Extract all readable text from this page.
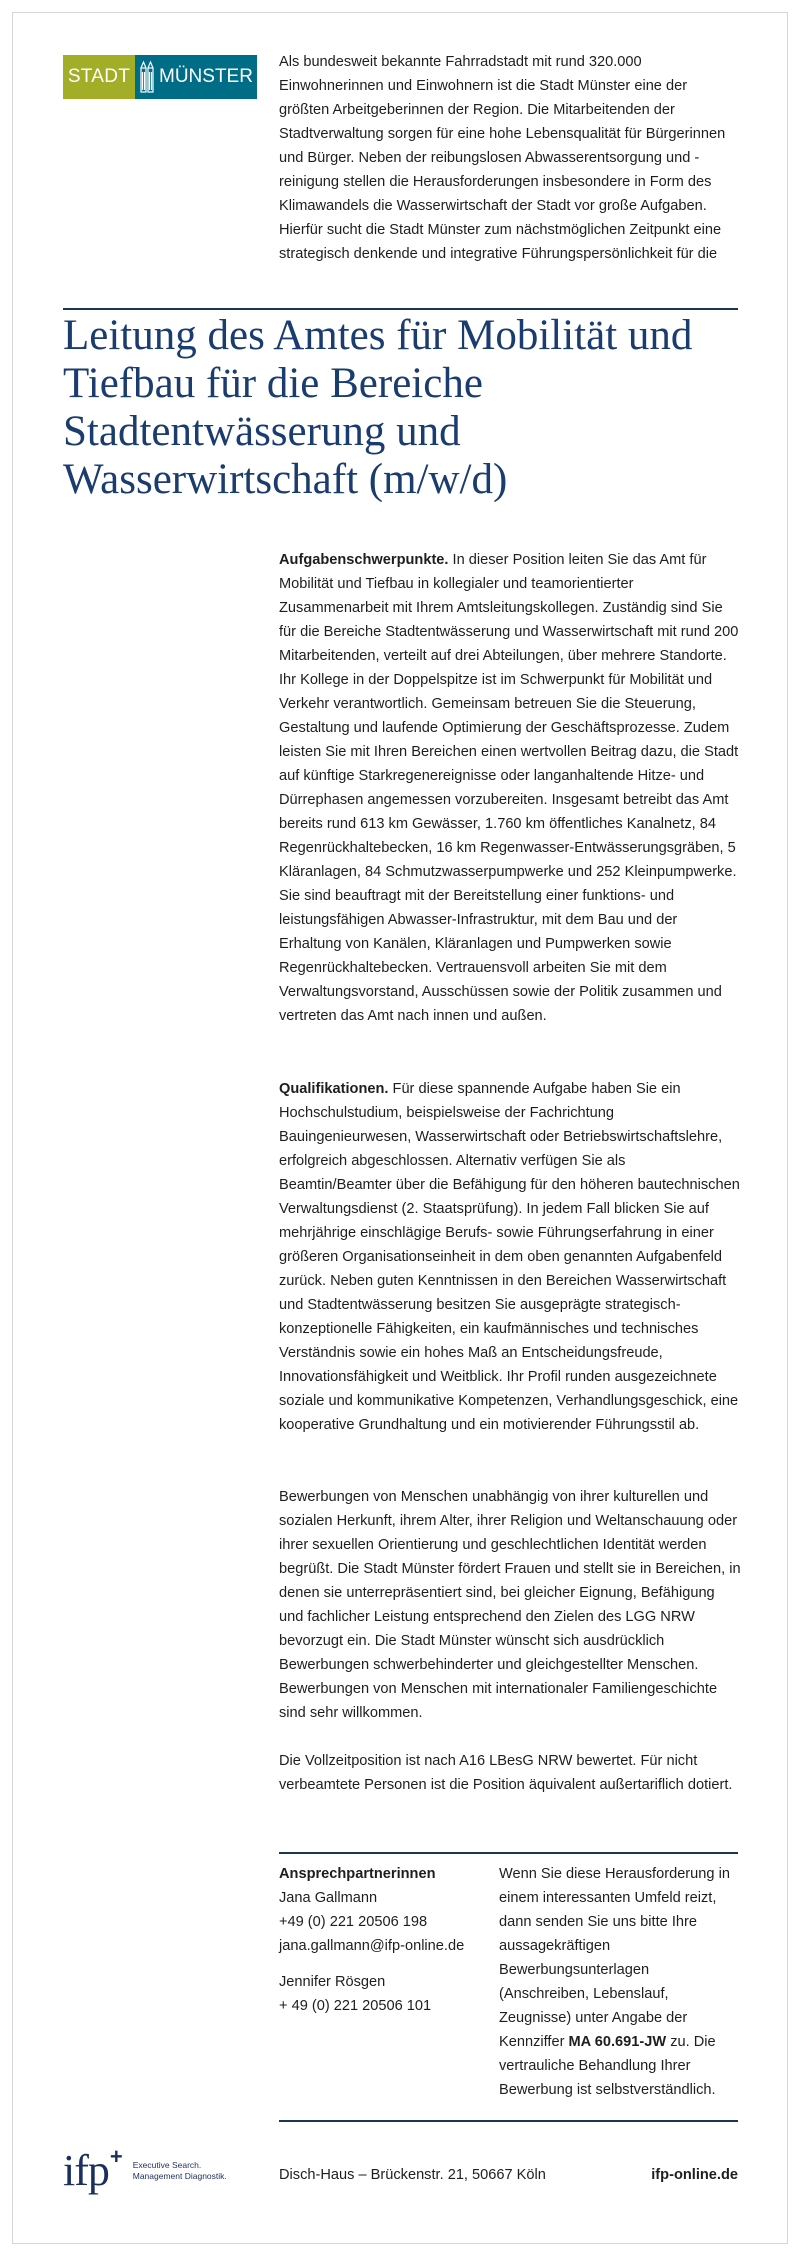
STADT MÜNSTER

Als bundesweit bekannte Fahrradstadt mit rund 320.000 Einwohnerinnen und Einwohnern ist die Stadt Münster eine der größten Arbeitgeberinnen der Region. Die Mitarbeitenden der Stadtverwaltung sorgen für eine hohe Lebensqualität für Bürgerinnen und Bürger. Neben der reibungslosen Abwasserentsorgung und -reinigung stellen die Herausforderungen insbesondere in Form des Klimawandels die Wasserwirtschaft der Stadt vor große Aufgaben. Hierfür sucht die Stadt Münster zum nächstmöglichen Zeitpunkt eine strategisch denkende und integrative Führungspersönlichkeit für die

Leitung des Amtes für Mobilität und Tiefbau für die Bereiche Stadtentwässerung und Wasserwirtschaft (m/w/d)

Aufgabenschwerpunkte. In dieser Position leiten Sie das Amt für Mobilität und Tiefbau in kollegialer und teamorientierter Zusammenarbeit mit Ihrem Amtsleitungskollegen. Zuständig sind Sie für die Bereiche Stadtentwässerung und Wasserwirtschaft mit rund 200 Mitarbeitenden, verteilt auf drei Abteilungen, über mehrere Standorte. Ihr Kollege in der Doppelspitze ist im Schwerpunkt für Mobilität und Verkehr verantwortlich. Gemeinsam betreuen Sie die Steuerung, Gestaltung und laufende Optimierung der Geschäftsprozesse. Zudem leisten Sie mit Ihren Bereichen einen wertvollen Beitrag dazu, die Stadt auf künftige Starkregenereignisse oder langanhaltende Hitze- und Dürrephasen angemessen vorzubereiten. Insgesamt betreibt das Amt bereits rund 613 km Gewässer, 1.760 km öffentliches Kanalnetz, 84 Regenrückhaltebecken, 16 km Regenwasser-Entwässerungsgräben, 5 Kläranlagen, 84 Schmutzwasserpumpwerke und 252 Kleinpumpwerke. Sie sind beauftragt mit der Bereitstellung einer funktions- und leistungsfähigen Abwasser-Infrastruktur, mit dem Bau und der Erhaltung von Kanälen, Kläranlagen und Pumpwerken sowie Regenrückhaltebecken. Vertrauensvoll arbeiten Sie mit dem Verwaltungsvorstand, Ausschüssen sowie der Politik zusammen und vertreten das Amt nach innen und außen.

Qualifikationen. Für diese spannende Aufgabe haben Sie ein Hochschulstudium, beispielsweise der Fachrichtung Bauingenieurwesen, Wasserwirtschaft oder Betriebswirtschaftslehre, erfolgreich abgeschlossen. Alternativ verfügen Sie als Beamtin/Beamter über die Befähigung für den höheren bautechnischen Verwaltungsdienst (2. Staatsprüfung). In jedem Fall blicken Sie auf mehrjährige einschlägige Berufs- sowie Führungserfahrung in einer größeren Organisationseinheit in dem oben genannten Aufgabenfeld zurück. Neben guten Kenntnissen in den Bereichen Wasserwirtschaft und Stadtentwässerung besitzen Sie ausgeprägte strategisch-konzeptionelle Fähigkeiten, ein kaufmännisches und technisches Verständnis sowie ein hohes Maß an Entscheidungsfreude, Innovationsfähigkeit und Weitblick. Ihr Profil runden ausgezeichnete soziale und kommunikative Kompetenzen, Verhandlungsgeschick, eine kooperative Grundhaltung und ein motivierender Führungsstil ab.

Bewerbungen von Menschen unabhängig von ihrer kulturellen und sozialen Herkunft, ihrem Alter, ihrer Religion und Weltanschauung oder ihrer sexuellen Orientierung und geschlechtlichen Identität werden begrüßt. Die Stadt Münster fördert Frauen und stellt sie in Bereichen, in denen sie unterrepräsentiert sind, bei gleicher Eignung, Befähigung und fachlicher Leistung entsprechend den Zielen des LGG NRW bevorzugt ein. Die Stadt Münster wünscht sich ausdrücklich Bewerbungen schwerbehinderter und gleichgestellter Menschen. Bewerbungen von Menschen mit internationaler Familiengeschichte sind sehr willkommen.

Die Vollzeitposition ist nach A16 LBesG NRW bewertet. Für nicht verbeamtete Personen ist die Position äquivalent außertariflich dotiert.

Ansprechpartnerinnen
Jana Gallmann
+49 (0) 221 20506 198
jana.gallmann@ifp-online.de
Jennifer Rösgen
+ 49 (0) 221 20506 101

Wenn Sie diese Herausforderung in einem interessanten Umfeld reizt, dann senden Sie uns bitte Ihre aussagekräftigen Bewerbungsunterlagen (Anschreiben, Lebenslauf, Zeugnisse) unter Angabe der Kennziffer MA 60.691-JW zu. Die vertrauliche Behandlung Ihrer Bewerbung ist selbstverständlich.

ifp + Executive Search.
Management Diagnostik.	Disch-Haus – Brückenstr. 21, 50667 Köln	ifp-online.de
